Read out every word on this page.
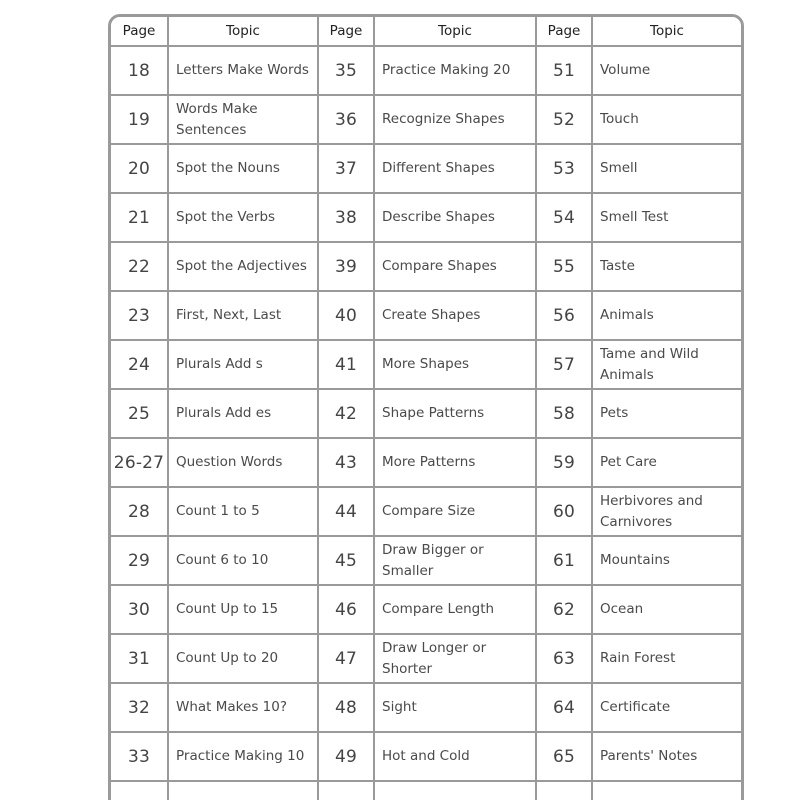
Page	Topic	Page	Topic	Page	Topic
18	Letters Make Words	35	Practice Making 20	51	Volume
19	Words Make Sentences	36	Recognize Shapes	52	Touch
20	Spot the Nouns	37	Different Shapes	53	Smell
21	Spot the Verbs	38	Describe Shapes	54	Smell Test
22	Spot the Adjectives	39	Compare Shapes	55	Taste
23	First, Next, Last	40	Create Shapes	56	Animals
24	Plurals Add s	41	More Shapes	57	Tame and Wild Animals
25	Plurals Add es	42	Shape Patterns	58	Pets
26-27	Question Words	43	More Patterns	59	Pet Care
28	Count 1 to 5	44	Compare Size	60	Herbivores and Carnivores
29	Count 6 to 10	45	Draw Bigger or Smaller	61	Mountains
30	Count Up to 15	46	Compare Length	62	Ocean
31	Count Up to 20	47	Draw Longer or Shorter	63	Rain Forest
32	What Makes 10?	48	Sight	64	Certificate
33	Practice Making 10	49	Hot and Cold	65	Parents' Notes
